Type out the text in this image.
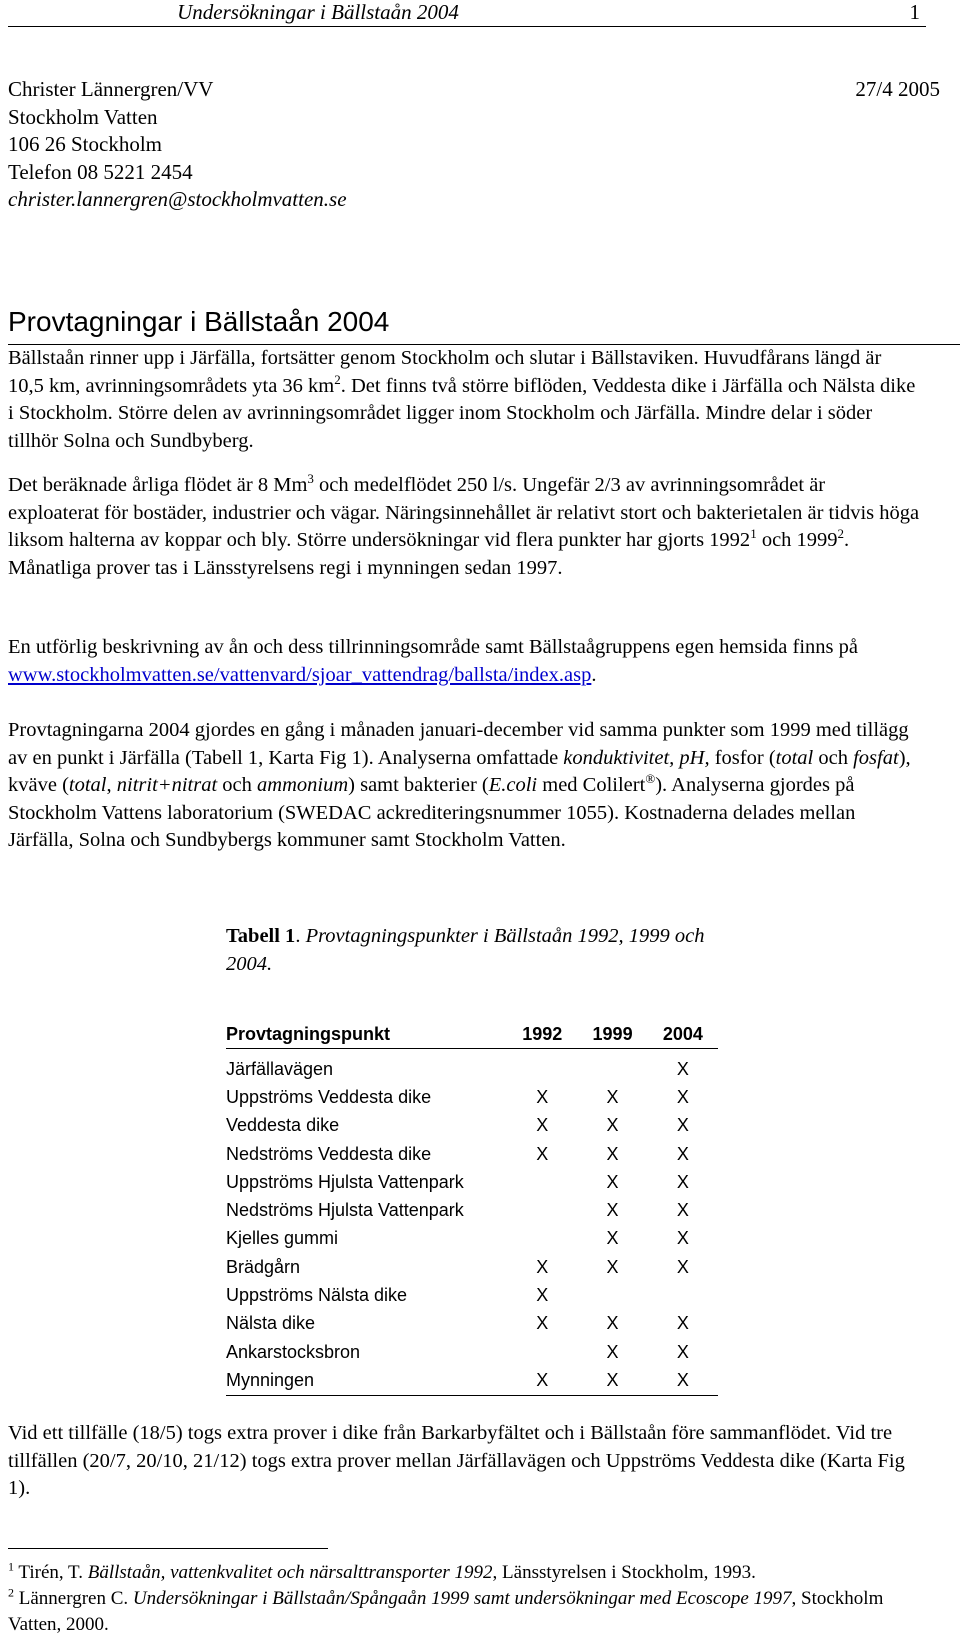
Undersökningar i Bällstaån 2004	1
Christer Lännergren/VV
Stockholm Vatten
106 26 Stockholm
Telefon 08 5221 2454
christer.lannergren@stockholmvatten.se
27/4 2005
Provtagningar i Bällstaån 2004
Bällstaån rinner upp i Järfälla, fortsätter genom Stockholm och slutar i Bällstaviken. Huvudfårans längd är 10,5 km, avrinningsområdets yta 36 $km^2$. Det finns två större biflöden, Veddesta dike i Järfälla och Nälsta dike i Stockholm. Större delen av avrinningsområdet ligger inom Stockholm och Järfälla. Mindre delar i söder tillhör Solna och Sundbyberg.
Det beräknade årliga flödet är 8 Mm$^3$ och medelflödet 250 l/s. Ungefär 2/3 av avrinningsområdet är exploaterat för bostäder, industrier och vägar. Näringsinnehållet är relativt stort och bakterietalen är tidvis höga liksom halterna av koppar och bly. Större undersökningar vid flera punkter har gjorts 1992$^1$ och 1999$^2$. Månatliga prover tas i Länsstyrelsens regi i mynningen sedan 1997.
En utförlig beskrivning av ån och dess tillrinningsområde samt Bällstaågruppens egen hemsida finns på www.stockholmvatten.se/vattenvard/sjoar_vattendrag/ballsta/index.asp.
Provtagningarna 2004 gjordes en gång i månaden januari-december vid samma punkter som 1999 med tillägg av en punkt i Järfälla (Tabell 1, Karta Fig 1). Analyserna omfattade konduktivitet, pH, fosfor (total och fosfat), kväve (total, nitrit+nitrat och ammonium) samt bakterier (E.coli med Colilert®). Analyserna gjordes på Stockholm Vattens laboratorium (SWEDAC ackrediteringsnummer 1055). Kostnaderna delades mellan Järfälla, Solna och Sundbybergs kommuner samt Stockholm Vatten.
Tabell 1. Provtagningspunkter i Bällstaån 1992, 1999 och 2004.
Provtagningspunkt	1992	1999	2004

Järfällavägen			X
Uppströms Veddesta dike	X	X	X
Veddesta dike	X	X	X
Nedströms Veddesta dike	X	X	X
Uppströms Hjulsta Vattenpark		X	X
Nedströms Hjulsta Vattenpark		X	X
Kjelles gummi		X	X
Brädgårn	X	X	X
Uppströms Nälsta dike	X		
Nälsta dike	X	X	X
Ankarstocksbron		X	X
Mynningen	X	X	X
Vid ett tillfälle (18/5) togs extra prover i dike från Barkarbyfältet och i Bällstaån före sammanflödet. Vid tre tillfällen (20/7, 20/10, 21/12) togs extra prover mellan Järfällavägen och Uppströms Veddesta dike (Karta Fig 1).
$^1$ Tirén, T. Bällstaån, vattenkvalitet och närsalttransporter 1992, Länsstyrelsen i Stockholm, 1993.
$^2$ Lännergren C. Undersökningar i Bällstaån/Spångaån 1999 samt undersökningar med Ecoscope 1997, Stockholm Vatten, 2000.
